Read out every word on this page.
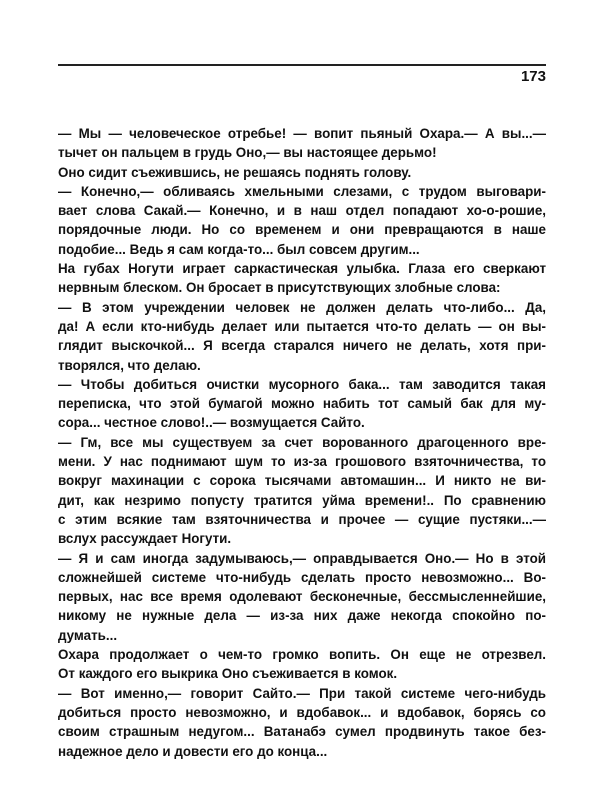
173
— Мы — человеческое отребье! — вопит пьяный Охара.— А вы...—
тычет он пальцем в грудь Оно,— вы настоящее дерьмо!
Оно сидит съежившись, не решаясь поднять голову.
— Конечно,— обливаясь хмельными слезами, с трудом выговари-
вает слова Сакай.— Конечно, и в наш отдел попадают хо-о-рошие,
порядочные люди. Но со временем и они превращаются в наше
подобие... Ведь я сам когда-то... был совсем другим...
На губах Ногути играет саркастическая улыбка. Глаза его сверкают
нервным блеском. Он бросает в присутствующих злобные слова:
— В этом учреждении человек не должен делать что-либо... Да,
да! А если кто-нибудь делает или пытается что-то делать — он вы-
глядит выскочкой... Я всегда старался ничего не делать, хотя при-
творялся, что делаю.
— Чтобы добиться очистки мусорного бака... там заводится такая
переписка, что этой бумагой можно набить тот самый бак для му-
сора... честное слово!..— возмущается Сайто.
— Гм, все мы существуем за счет ворованного драгоценного вре-
мени. У нас поднимают шум то из-за грошового взяточничества, то
вокруг махинации с сорока тысячами автомашин... И никто не ви-
дит, как незримо попусту тратится уйма времени!.. По сравнению
с этим всякие там взяточничества и прочее — сущие пустяки...—
вслух рассуждает Ногути.
— Я и сам иногда задумываюсь,— оправдывается Оно.— Но в этой
сложнейшей системе что-нибудь сделать просто невозможно... Во-
первых, нас все время одолевают бесконечные, бессмысленнейшие,
никому не нужные дела — из-за них даже некогда спокойно по-
думать...
Охара продолжает о чем-то громко вопить. Он еще не отрезвел.
От каждого его выкрика Оно съеживается в комок.
— Вот именно,— говорит Сайто.— При такой системе чего-нибудь
добиться просто невозможно, и вдобавок... и вдобавок, борясь со
своим страшным недугом... Ватанабэ сумел продвинуть такое без-
надежное дело и довести его до конца...
